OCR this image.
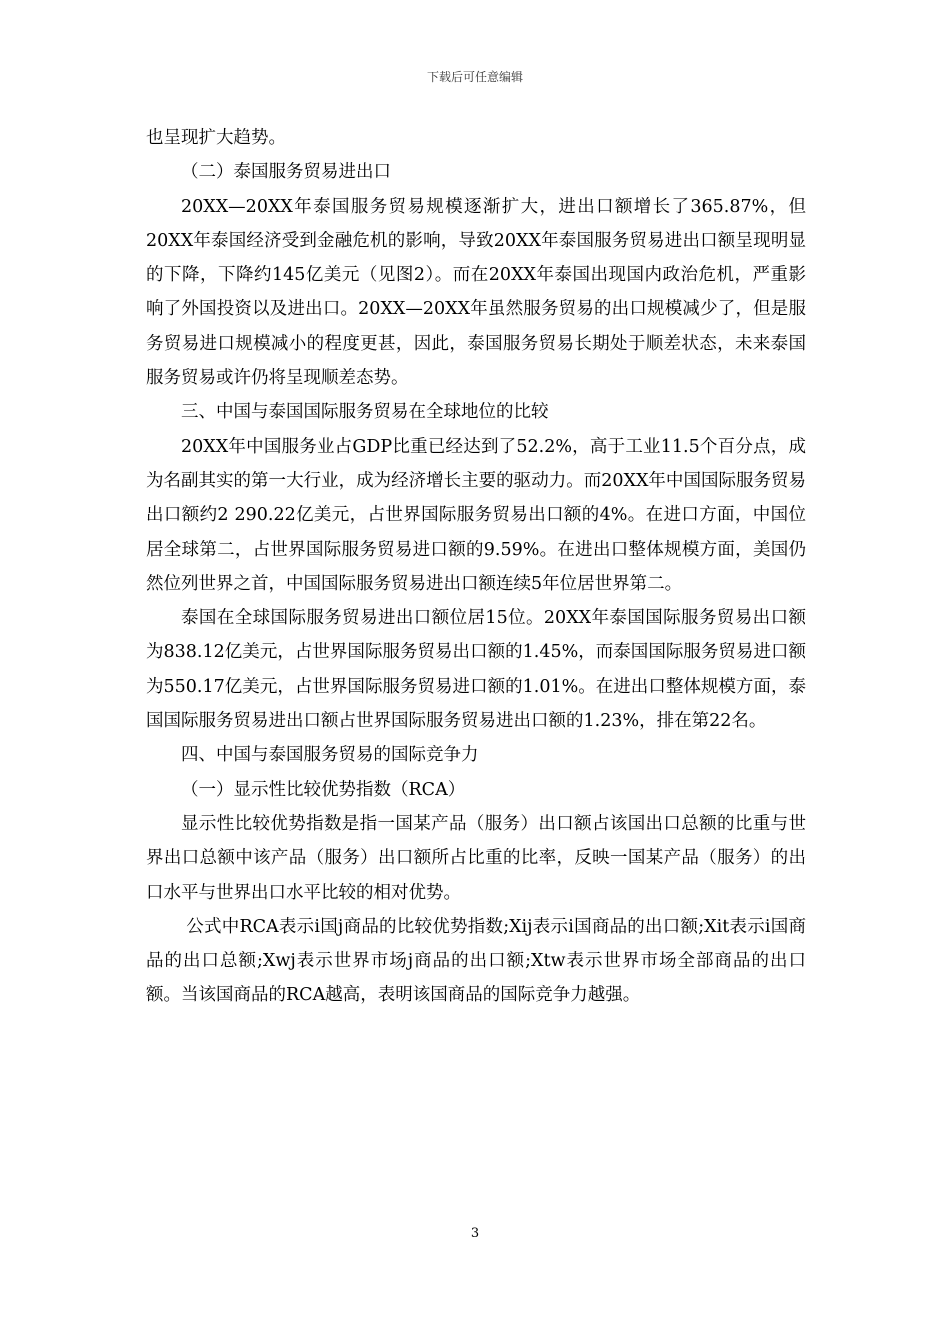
下载后可任意编辑

也呈现扩大趋势。

（二）泰国服务贸易进出口

20XX—20XX年泰国服务贸易规模逐渐扩大，进出口额增长了365.87%，但20XX年泰国经济受到金融危机的影响，导致20XX年泰国服务贸易进出口额呈现明显的下降，下降约145亿美元（见图2）。而在20XX年泰国出现国内政治危机，严重影响了外国投资以及进出口。20XX—20XX年虽然服务贸易的出口规模减少了，但是服务贸易进口规模减小的程度更甚，因此，泰国服务贸易长期处于顺差状态，未来泰国服务贸易或许仍将呈现顺差态势。

三、中国与泰国国际服务贸易在全球地位的比较

20XX年中国服务业占GDP比重已经达到了52.2%，高于工业11.5个百分点，成为名副其实的第一大行业，成为经济增长主要的驱动力。而20XX年中国国际服务贸易出口额约2 290.22亿美元，占世界国际服务贸易出口额的4%。在进口方面，中国位居全球第二，占世界国际服务贸易进口额的9.59%。在进出口整体规模方面，美国仍然位列世界之首，中国国际服务贸易进出口额连续5年位居世界第二。

泰国在全球国际服务贸易进出口额位居15位。20XX年泰国国际服务贸易出口额为838.12亿美元，占世界国际服务贸易出口额的1.45%，而泰国国际服务贸易进口额为550.17亿美元，占世界国际服务贸易进口额的1.01%。在进出口整体规模方面，泰国国际服务贸易进出口额占世界国际服务贸易进出口额的1.23%，排在第22名。

四、中国与泰国服务贸易的国际竞争力

（一）显示性比较优势指数（RCA）

显示性比较优势指数是指一国某产品（服务）出口额占该国出口总额的比重与世界出口总额中该产品（服务）出口额所占比重的比率，反映一国某产品（服务）的出口水平与世界出口水平比较的相对优势。

公式中RCA表示i国j商品的比较优势指数;Xij表示i国商品的出口额;Xit表示i国商品的出口总额;Xwj表示世界市场j商品的出口额;Xtw表示世界市场全部商品的出口额。当该国商品的RCA越高，表明该国商品的国际竞争力越强。

3
